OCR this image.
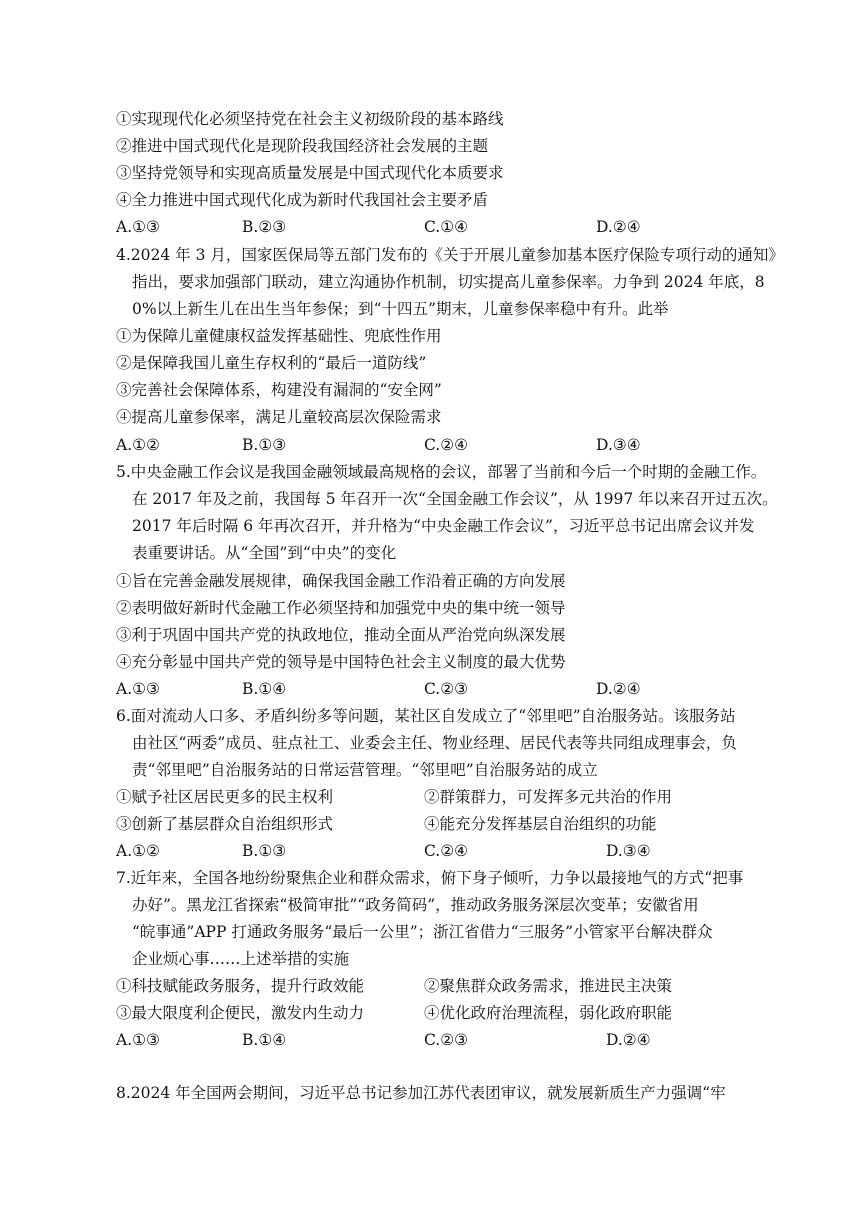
①实现现代化必须坚持党在社会主义初级阶段的基本路线
②推进中国式现代化是现阶段我国经济社会发展的主题
③坚持党领导和实现高质量发展是中国式现代化本质要求
④全力推进中国式现代化成为新时代我国社会主要矛盾
A.①③	B.②③	C.①④	D.②④
4.2024 年 3 月，国家医保局等五部门发布的《关于开展儿童参加基本医疗保险专项行动的通知》
指出，要求加强部门联动，建立沟通协作机制，切实提高儿童参保率。力争到 2024 年底，8
0%以上新生儿在出生当年参保；到“十四五”期末，儿童参保率稳中有升。此举
①为保障儿童健康权益发挥基础性、兜底性作用
②是保障我国儿童生存权利的“最后一道防线”
③完善社会保障体系，构建没有漏洞的“安全网”
④提高儿童参保率，满足儿童较高层次保险需求
A.①②	B.①③	C.②④	D.③④
5.中央金融工作会议是我国金融领域最高规格的会议，部署了当前和今后一个时期的金融工作。
在 2017 年及之前，我国每 5 年召开一次“全国金融工作会议”，从 1997 年以来召开过五次。
2017 年后时隔 6 年再次召开，并升格为“中央金融工作会议”，习近平总书记出席会议并发
表重要讲话。从“全国”到“中央”的变化
①旨在完善金融发展规律，确保我国金融工作沿着正确的方向发展
②表明做好新时代金融工作必须坚持和加强党中央的集中统一领导
③利于巩固中国共产党的执政地位，推动全面从严治党向纵深发展
④充分彰显中国共产党的领导是中国特色社会主义制度的最大优势
A.①③	B.①④	C.②③	D.②④
6.面对流动人口多、矛盾纠纷多等问题，某社区自发成立了“邻里吧”自治服务站。该服务站
由社区“两委”成员、驻点社工、业委会主任、物业经理、居民代表等共同组成理事会，负
责“邻里吧”自治服务站的日常运营管理。“邻里吧”自治服务站的成立
①赋予社区居民更多的民主权利	②群策群力，可发挥多元共治的作用
③创新了基层群众自治组织形式	④能充分发挥基层自治组织的功能
A.①②	B.①③	C.②④	D.③④
7.近年来，全国各地纷纷聚焦企业和群众需求，俯下身子倾听，力争以最接地气的方式“把事
办好”。黑龙江省探索“极简审批”“政务简码”，推动政务服务深层次变革；安徽省用
“皖事通”APP 打通政务服务“最后一公里”；浙江省借力“三服务”小管家平台解决群众
企业烦心事……上述举措的实施
①科技赋能政务服务，提升行政效能	②聚焦群众政务需求，推进民主决策
③最大限度利企便民，激发内生动力	④优化政府治理流程，弱化政府职能
A.①③	B.①④	C.②③	D.②④
8.2024 年全国两会期间，习近平总书记参加江苏代表团审议，就发展新质生产力强调“牢
